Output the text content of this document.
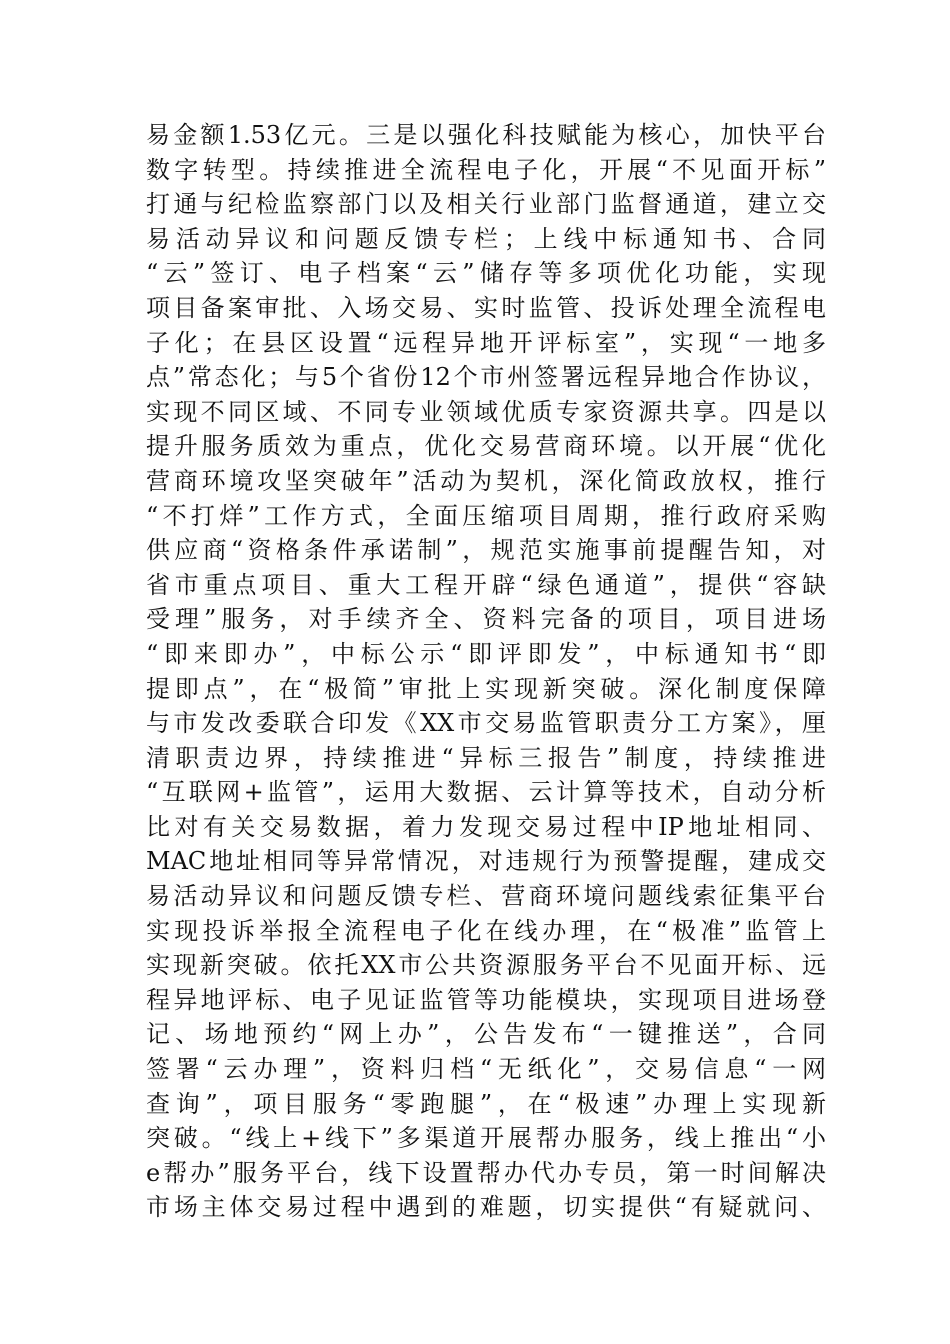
易金额1.53亿元。三是以强化科技赋能为核心，加快平台
数字转型。持续推进全流程电子化，开展“不见面开标”
打通与纪检监察部门以及相关行业部门监督通道，建立交
易活动异议和问题反馈专栏；上线中标通知书、合同
“云”签订、电子档案“云”储存等多项优化功能，实现
项目备案审批、入场交易、实时监管、投诉处理全流程电
子化；在县区设置“远程异地开评标室”，实现“一地多
点”常态化；与5个省份12个市州签署远程异地合作协议，
实现不同区域、不同专业领域优质专家资源共享。四是以
提升服务质效为重点，优化交易营商环境。以开展“优化
营商环境攻坚突破年”活动为契机，深化简政放权，推行
“不打烊”工作方式，全面压缩项目周期，推行政府采购
供应商“资格条件承诺制”，规范实施事前提醒告知，对
省市重点项目、重大工程开辟“绿色通道”，提供“容缺
受理”服务，对手续齐全、资料完备的项目，项目进场
“即来即办”，中标公示“即评即发”，中标通知书“即
提即点”，在“极简”审批上实现新突破。深化制度保障
与市发改委联合印发《XX市交易监管职责分工方案》，厘
清职责边界，持续推进“异标三报告”制度，持续推进
“互联网+监管”，运用大数据、云计算等技术，自动分析
比对有关交易数据，着力发现交易过程中IP地址相同、
MAC地址相同等异常情况，对违规行为预警提醒，建成交
易活动异议和问题反馈专栏、营商环境问题线索征集平台
实现投诉举报全流程电子化在线办理，在“极准”监管上
实现新突破。依托XX市公共资源服务平台不见面开标、远
程异地评标、电子见证监管等功能模块，实现项目进场登
记、场地预约“网上办”，公告发布“一键推送”，合同
签署“云办理”，资料归档“无纸化”，交易信息“一网
查询”，项目服务“零跑腿”，在“极速”办理上实现新
突破。“线上+线下”多渠道开展帮办服务，线上推出“小
e帮办”服务平台，线下设置帮办代办专员，第一时间解决
市场主体交易过程中遇到的难题，切实提供“有疑就问、
